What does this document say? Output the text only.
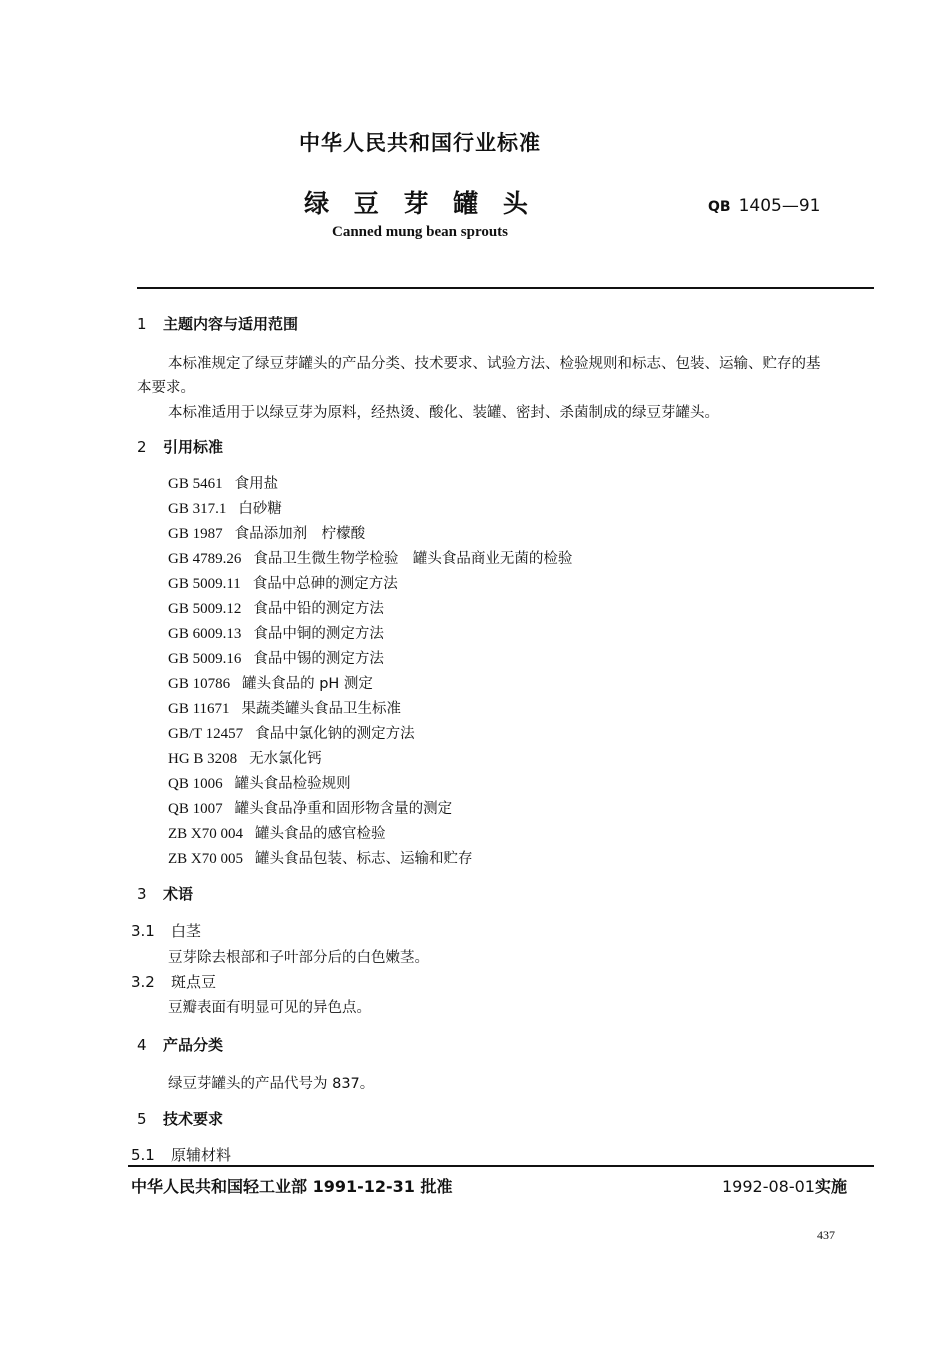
中华人民共和国行业标准
绿 豆 芽 罐 头	QB 1405—91
Canned mung bean sprouts
1 主题内容与适用范围
本标准规定了绿豆芽罐头的产品分类、技术要求、试验方法、检验规则和标志、包装、运输、贮存的基
本要求。
本标准适用于以绿豆芽为原料，经热烫、酸化、装罐、密封、杀菌制成的绿豆芽罐头。
2 引用标准
GB 5461 食用盐
GB 317.1 白砂糖
GB 1987 食品添加剂　柠檬酸
GB 4789.26 食品卫生微生物学检验　罐头食品商业无菌的检验
GB 5009.11 食品中总砷的测定方法
GB 5009.12 食品中铅的测定方法
GB 6009.13 食品中铜的测定方法
GB 5009.16 食品中锡的测定方法
GB 10786 罐头食品的 pH 测定
GB 11671 果蔬类罐头食品卫生标准
GB/T 12457 食品中氯化钠的测定方法
HG B 3208 无水氯化钙
QB 1006 罐头食品检验规则
QB 1007 罐头食品净重和固形物含量的测定
ZB X70 004 罐头食品的感官检验
ZB X70 005 罐头食品包装、标志、运输和贮存
3 术语
3.1 白茎
豆芽除去根部和子叶部分后的白色嫩茎。
3.2 斑点豆
豆瓣表面有明显可见的异色点。
4 产品分类
绿豆芽罐头的产品代号为 837。
5 技术要求
5.1 原辅材料
中华人民共和国轻工业部 1991-12-31 批准	1992-08-01实施
437
